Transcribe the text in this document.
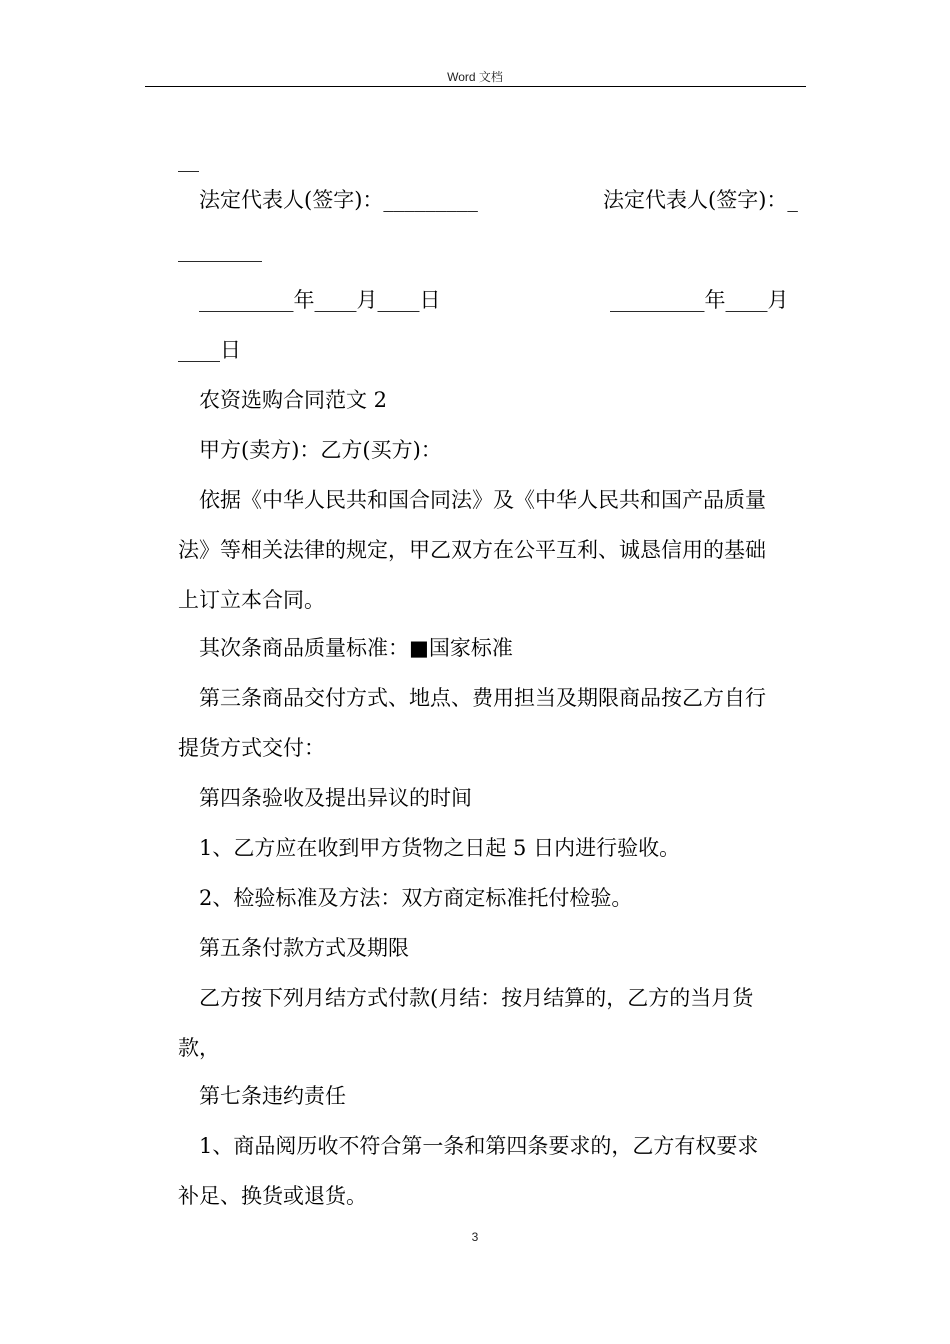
Word 文档
__
法定代表人(签字)：_________	法定代表人(签字)：_
________
_________年____月____日	_________年____月
____日
农资选购合同范文 2
甲方(卖方)：乙方(买方)：
依据《中华人民共和国合同法》及《中华人民共和国产品质量
法》等相关法律的规定，甲乙双方在公平互利、诚恳信用的基础
上订立本合同。
其次条商品质量标准：■国家标准
第三条商品交付方式、地点、费用担当及期限商品按乙方自行
提货方式交付：
第四条验收及提出异议的时间
1、乙方应在收到甲方货物之日起 5 日内进行验收。
2、检验标准及方法：双方商定标准托付检验。
第五条付款方式及期限
乙方按下列月结方式付款(月结：按月结算的，乙方的当月货
款，
第七条违约责任
1、商品阅历收不符合第一条和第四条要求的，乙方有权要求
补足、换货或退货。
3
